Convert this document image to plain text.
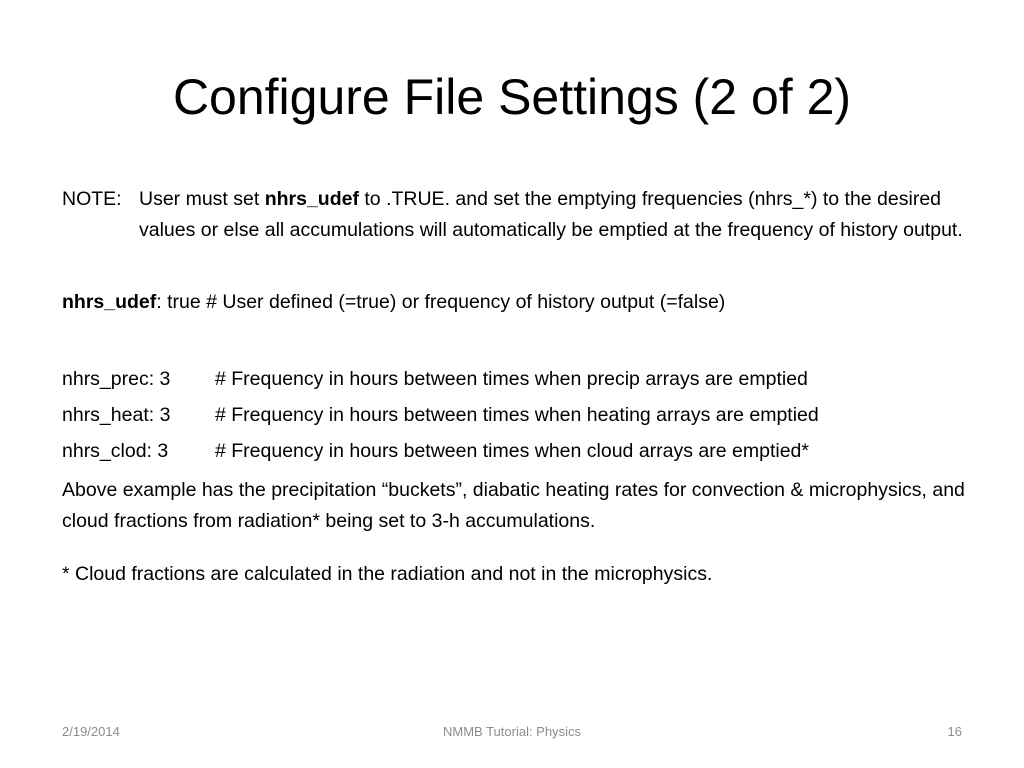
Configure File Settings (2 of 2)
NOTE: User must set nhrs_udef to .TRUE. and set the emptying frequencies (nhrs_*) to the desired values or else all accumulations will automatically be emptied at the frequency of history output.
nhrs_udef: true # User defined (=true) or frequency of history output (=false)
nhrs_prec: 3 # Frequency in hours between times when precip arrays are emptied
nhrs_heat: 3 # Frequency in hours between times when heating arrays are emptied
nhrs_clod: 3 # Frequency in hours between times when cloud arrays are emptied*
Above example has the precipitation “buckets”, diabatic heating rates for convection & microphysics, and cloud fractions from radiation* being set to 3-h accumulations.
* Cloud fractions are calculated in the radiation and not in the microphysics.
2/19/2014	NMMB Tutorial: Physics	16
